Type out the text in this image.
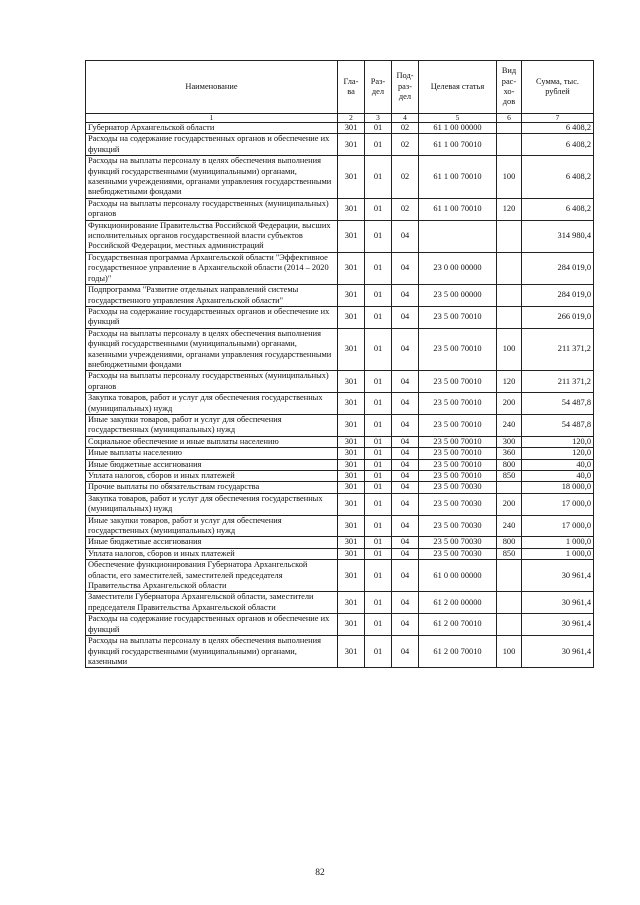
Наименование	Гла-ва	Раз-дел	Под-раз-дел	Целевая статья	Вид рас-хо-дов	Сумма, тыс. рублей
1	2	3	4	5	6	7
Губернатор Архангельской области	301	01	02	61 1 00 00000		6 408,2
Расходы на содержание государственных органов и обеспечение их функций	301	01	02	61 1 00 70010		6 408,2
Расходы на выплаты персоналу в целях обеспечения выполнения функций государственными (муниципальными) органами, казенными учреждениями, органами управления государственными внебюджетными фондами	301	01	02	61 1 00 70010	100	6 408,2
Расходы на выплаты персоналу государственных (муниципальных) органов	301	01	02	61 1 00 70010	120	6 408,2
Функционирование Правительства Российской Федерации, высших исполнительных органов государственной власти субъектов Российской Федерации, местных администраций	301	01	04			314 980,4
Государственная программа Архангельской области "Эффективное государственное управление в Архангельской области (2014 – 2020 годы)"	301	01	04	23 0 00 00000		284 019,0
Подпрограмма "Развитие отдельных направлений системы государственного управления Архангельской области"	301	01	04	23 5 00 00000		284 019,0
Расходы на содержание государственных органов и обеспечение их функций	301	01	04	23 5 00 70010		266 019,0
Расходы на выплаты персоналу в целях обеспечения выполнения функций государственными (муниципальными) органами, казенными учреждениями, органами управления государственными внебюджетными фондами	301	01	04	23 5 00 70010	100	211 371,2
Расходы на выплаты персоналу государственных (муниципальных) органов	301	01	04	23 5 00 70010	120	211 371,2
Закупка товаров, работ и услуг для обеспечения государственных (муниципальных) нужд	301	01	04	23 5 00 70010	200	54 487,8
Иные закупки товаров, работ и услуг для обеспечения государственных (муниципальных) нужд	301	01	04	23 5 00 70010	240	54 487,8
Социальное обеспечение и иные выплаты населению	301	01	04	23 5 00 70010	300	120,0
Иные выплаты населению	301	01	04	23 5 00 70010	360	120,0
Иные бюджетные ассигнования	301	01	04	23 5 00 70010	800	40,0
Уплата налогов, сборов и иных платежей	301	01	04	23 5 00 70010	850	40,0
Прочие выплаты по обязательствам государства	301	01	04	23 5 00 70030		18 000,0
Закупка товаров, работ и услуг для обеспечения государственных (муниципальных) нужд	301	01	04	23 5 00 70030	200	17 000,0
Иные закупки товаров, работ и услуг для обеспечения государственных (муниципальных) нужд	301	01	04	23 5 00 70030	240	17 000,0
Иные бюджетные ассигнования	301	01	04	23 5 00 70030	800	1 000,0
Уплата налогов, сборов и иных платежей	301	01	04	23 5 00 70030	850	1 000,0
Обеспечение функционирования Губернатора Архангельской области, его заместителей, заместителей председателя Правительства Архангельской области	301	01	04	61 0 00 00000		30 961,4
Заместители Губернатора Архангельской области, заместители председателя Правительства Архангельской области	301	01	04	61 2 00 00000		30 961,4
Расходы на содержание государственных органов и обеспечение их функций	301	01	04	61 2 00 70010		30 961,4
Расходы на выплаты персоналу в целях обеспечения выполнения функций государственными (муниципальными) органами, казенными	301	01	04	61 2 00 70010	100	30 961,4
82
